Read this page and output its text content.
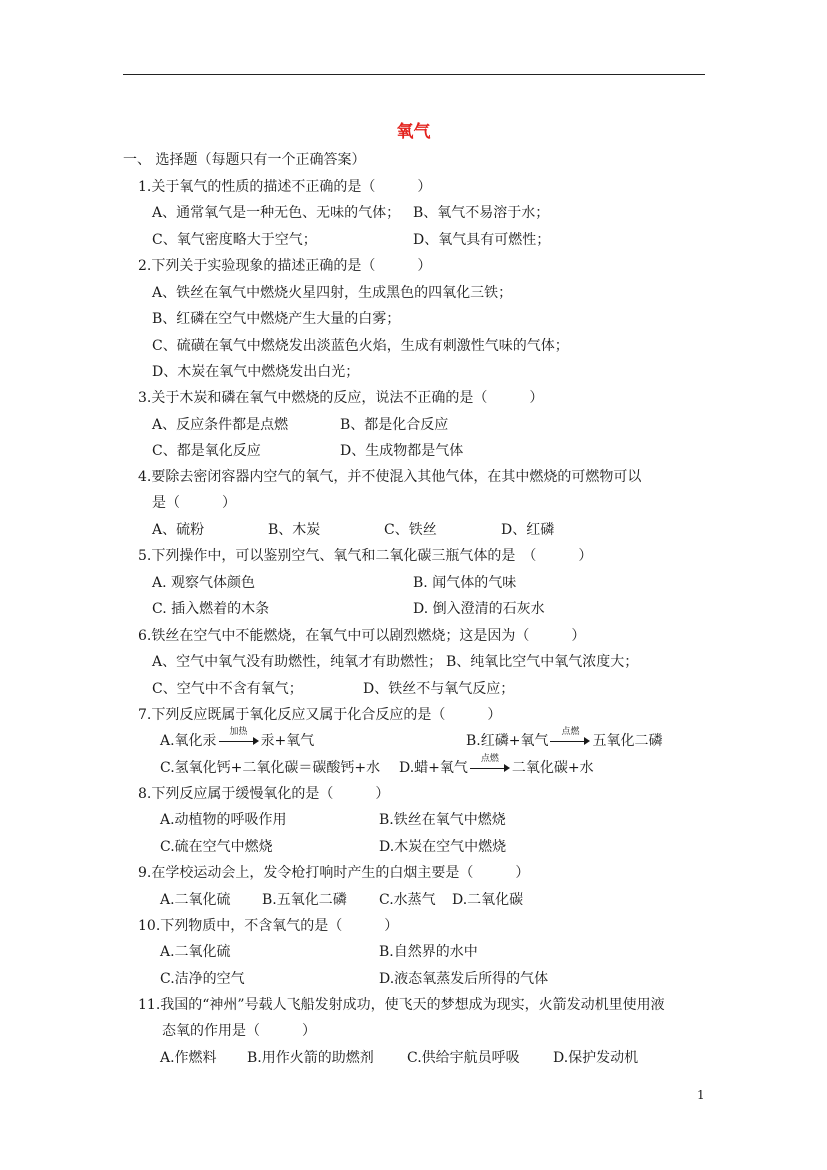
氧气
一、 选择题（每题只有一个正确答案）
1.关于氧气的性质的描述不正确的是（　　　）
A、通常氧气是一种无色、无味的气体； B、氧气不易溶于水；
C、氧气密度略大于空气；	D、氧气具有可燃性；
2.下列关于实验现象的描述正确的是（　　　）
A、铁丝在氧气中燃烧火星四射，生成黑色的四氧化三铁；
B、红磷在空气中燃烧产生大量的白雾；
C、硫磺在氧气中燃烧发出淡蓝色火焰，生成有刺激性气味的气体；
D、木炭在氧气中燃烧发出白光；
3.关于木炭和磷在氧气中燃烧的反应，说法不正确的是（　　　）
A、反应条件都是点燃	B、都是化合反应
C、都是氧化反应	D、生成物都是气体
4.要除去密闭容器内空气的氧气，并不使混入其他气体，在其中燃烧的可燃物可以
是（　　　）
A、硫粉	B、木炭	C、铁丝	D、红磷
5.下列操作中，可以鉴别空气、氧气和二氧化碳三瓶气体的是　（　　　）
A. 观察气体颜色	B. 闻气体的气味
C. 插入燃着的木条	D. 倒入澄清的石灰水
6.铁丝在空气中不能燃烧，在氧气中可以剧烈燃烧；这是因为（　　　）
A、空气中氧气没有助燃性，纯氧才有助燃性； B、纯氧比空气中氧气浓度大；
C、空气中不含有氧气；	D、铁丝不与氧气反应；
7.下列反应既属于氧化反应又属于化合反应的是（　　　）
A.氧化汞
加热
汞+氧气	B.红磷+氧气
点燃
五氧化二磷
C.氢氧化钙+二氧化碳＝碳酸钙+水 D.蜡+氧气
点燃
二氧化碳+水
8.下列反应属于缓慢氧化的是（　　　）
A.动植物的呼吸作用	B.铁丝在氧气中燃烧
C.硫在空气中燃烧	D.木炭在空气中燃烧
9.在学校运动会上，发令枪打响时产生的白烟主要是（　　　）
A.二氧化硫 B.五氧化二磷 C.水蒸气 D.二氧化碳
10.下列物质中，不含氧气的是（　　　）
A.二氧化硫	B.自然界的水中
C.洁净的空气	D.液态氧蒸发后所得的气体
11.我国的“神州”号载人飞船发射成功，使飞天的梦想成为现实，火箭发动机里使用液
态氧的作用是（　　　）
A.作燃料 B.用作火箭的助燃剂 C.供给宇航员呼吸 D.保护发动机
1
